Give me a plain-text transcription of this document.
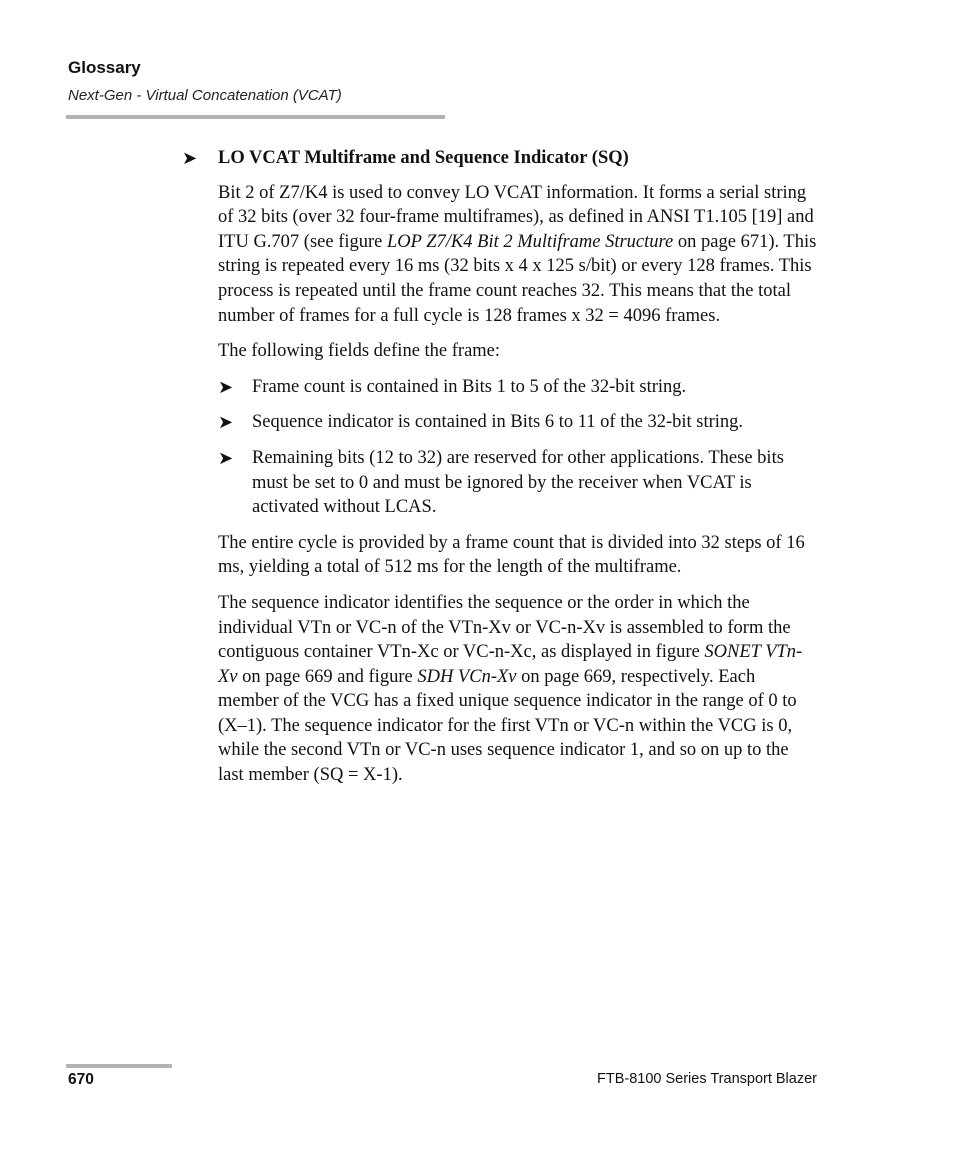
Glossary
Next-Gen - Virtual Concatenation (VCAT)
➤ LO VCAT Multiframe and Sequence Indicator (SQ)

Bit 2 of Z7/K4 is used to convey LO VCAT information. It forms a serial string of 32 bits (over 32 four-frame multiframes), as defined in ANSI T1.105 [19] and ITU G.707 (see figure LOP Z7/K4 Bit 2 Multiframe Structure on page 671). This string is repeated every 16 ms (32 bits x 4 x 125 s/bit) or every 128 frames. This process is repeated until the frame count reaches 32. This means that the total number of frames for a full cycle is 128 frames x 32 = 4096 frames.

The following fields define the frame:

➤ Frame count is contained in Bits 1 to 5 of the 32-bit string.
➤ Sequence indicator is contained in Bits 6 to 11 of the 32-bit string.
➤ Remaining bits (12 to 32) are reserved for other applications. These bits must be set to 0 and must be ignored by the receiver when VCAT is activated without LCAS.

The entire cycle is provided by a frame count that is divided into 32 steps of 16 ms, yielding a total of 512 ms for the length of the multiframe.

The sequence indicator identifies the sequence or the order in which the individual VTn or VC-n of the VTn-Xv or VC-n-Xv is assembled to form the contiguous container VTn-Xc or VC-n-Xc, as displayed in figure SONET VTn-Xv on page 669 and figure SDH VCn-Xv on page 669, respectively. Each member of the VCG has a fixed unique sequence indicator in the range of 0 to (X–1). The sequence indicator for the first VTn or VC-n within the VCG is 0, while the second VTn or VC-n uses sequence indicator 1, and so on up to the last member (SQ = X-1).

670	FTB-8100 Series Transport Blazer
